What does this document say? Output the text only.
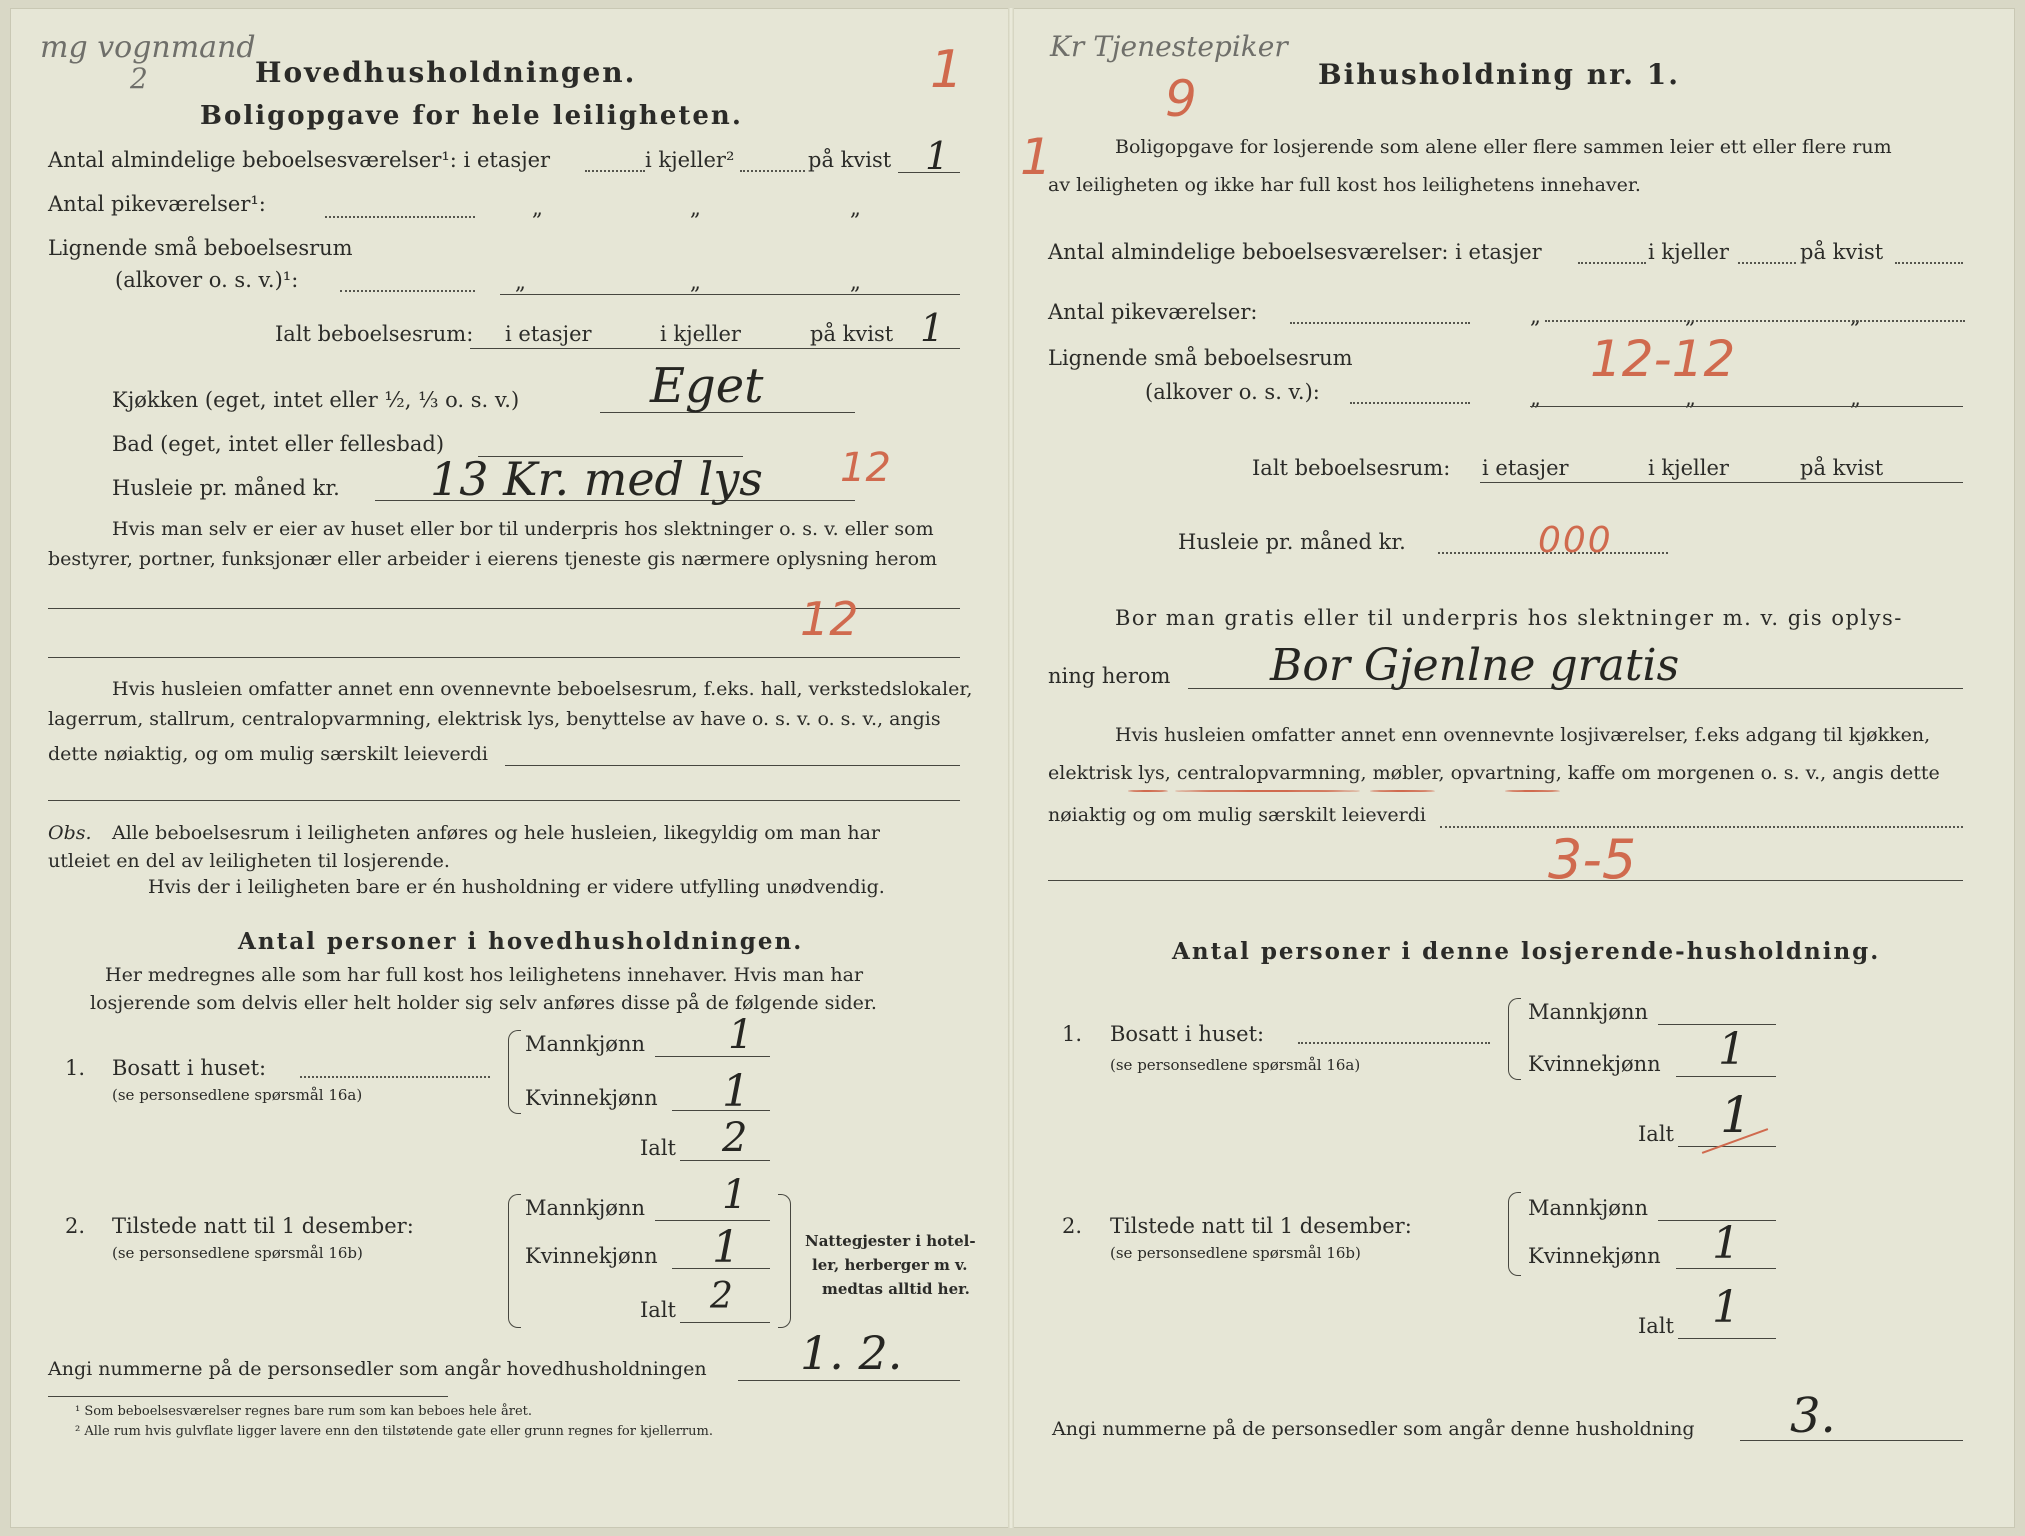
mg vognmand
2	Hovedhusholdningen.
Boligopgave for hele leiligheten.
1
Antal almindelige beboelsesværelser¹: i etasjer	i kjeller²	på kvist 1
Antal pikeværelser¹:	„	„	„
Lignende små beboelsesrum
(alkover o. s. v.)¹:	„	„	„
Ialt beboelsesrum: i etasjer	i kjeller	på kvist 1
Kjøkken (eget, intet eller ½, ⅓ o. s. v.)	Eget
Bad (eget, intet eller fellesbad)
Husleie pr. måned kr. 13 Kr. med lys 12
Hvis man selv er eier av huset eller bor til underpris hos slektninger o. s. v. eller som
bestyrer, portner, funksjonær eller arbeider i eierens tjeneste gis nærmere oplysning herom
12
Hvis husleien omfatter annet enn ovennevnte beboelsesrum, f.eks. hall, verkstedslokaler,
lagerrum, stallrum, centralopvarmning, elektrisk lys, benyttelse av have o. s. v. o. s. v., angis
dette nøiaktig, og om mulig særskilt leieverdi
Obs. Alle beboelsesrum i leiligheten anføres og hele husleien, likegyldig om man har
utleiet en del av leiligheten til losjerende.
Hvis der i leiligheten bare er én husholdning er videre utfylling unødvendig.
Antal personer i hovedhusholdningen.
Her medregnes alle som har full kost hos leilighetens innehaver. Hvis man har
losjerende som delvis eller helt holder sig selv anføres disse på de følgende sider.
1. Bosatt i huset:
(se personsedlene spørsmål 16a)
Mannkjønn 1
Kvinnekjønn 1
Ialt 2
2. Tilstede natt til 1 desember:
(se personsedlene spørsmål 16b)
Mannkjønn 1
Kvinnekjønn 1
Ialt 2
Nattegjester i hotel-
ler, herberger m v.
medtas alltid her.
Angi nummerne på de personsedler som angår hovedhusholdningen 1. 2.
¹ Som beboelsesværelser regnes bare rum som kan beboes hele året.
² Alle rum hvis gulvflate ligger lavere enn den tilstøtende gate eller grunn regnes for kjellerrum.
Kr Tjenestepiker
Bihusholdning nr. 1.
9
1	Boligopgave for losjerende som alene eller flere sammen leier ett eller flere rum
av leiligheten og ikke har full kost hos leilighetens innehaver.
Antal almindelige beboelsesværelser: i etasjer	i kjeller	på kvist
Antal pikeværelser:	„	„	„
Lignende små beboelsesrum
(alkover o. s. v.):	„	„	„
12-12
Ialt beboelsesrum: i etasjer	i kjeller	på kvist
Husleie pr. måned kr.	000
Bor man gratis eller til underpris hos slektninger m. v. gis oplys-
ning herom Bor Gjenlne gratis
Hvis husleien omfatter annet enn ovennevnte losjiværelser, f.eks adgang til kjøkken,
elektrisk lys, centralopvarmning, møbler, opvartning, kaffe om morgenen o. s. v., angis dette
nøiaktig og om mulig særskilt leieverdi
3-5
Antal personer i denne losjerende-husholdning.
1. Bosatt i huset:
(se personsedlene spørsmål 16a)
Mannkjønn
Kvinnekjønn 1
Ialt 1
2. Tilstede natt til 1 desember:
(se personsedlene spørsmål 16b)
Mannkjønn
Kvinnekjønn 1
Ialt 1
Angi nummerne på de personsedler som angår denne husholdning 3.
